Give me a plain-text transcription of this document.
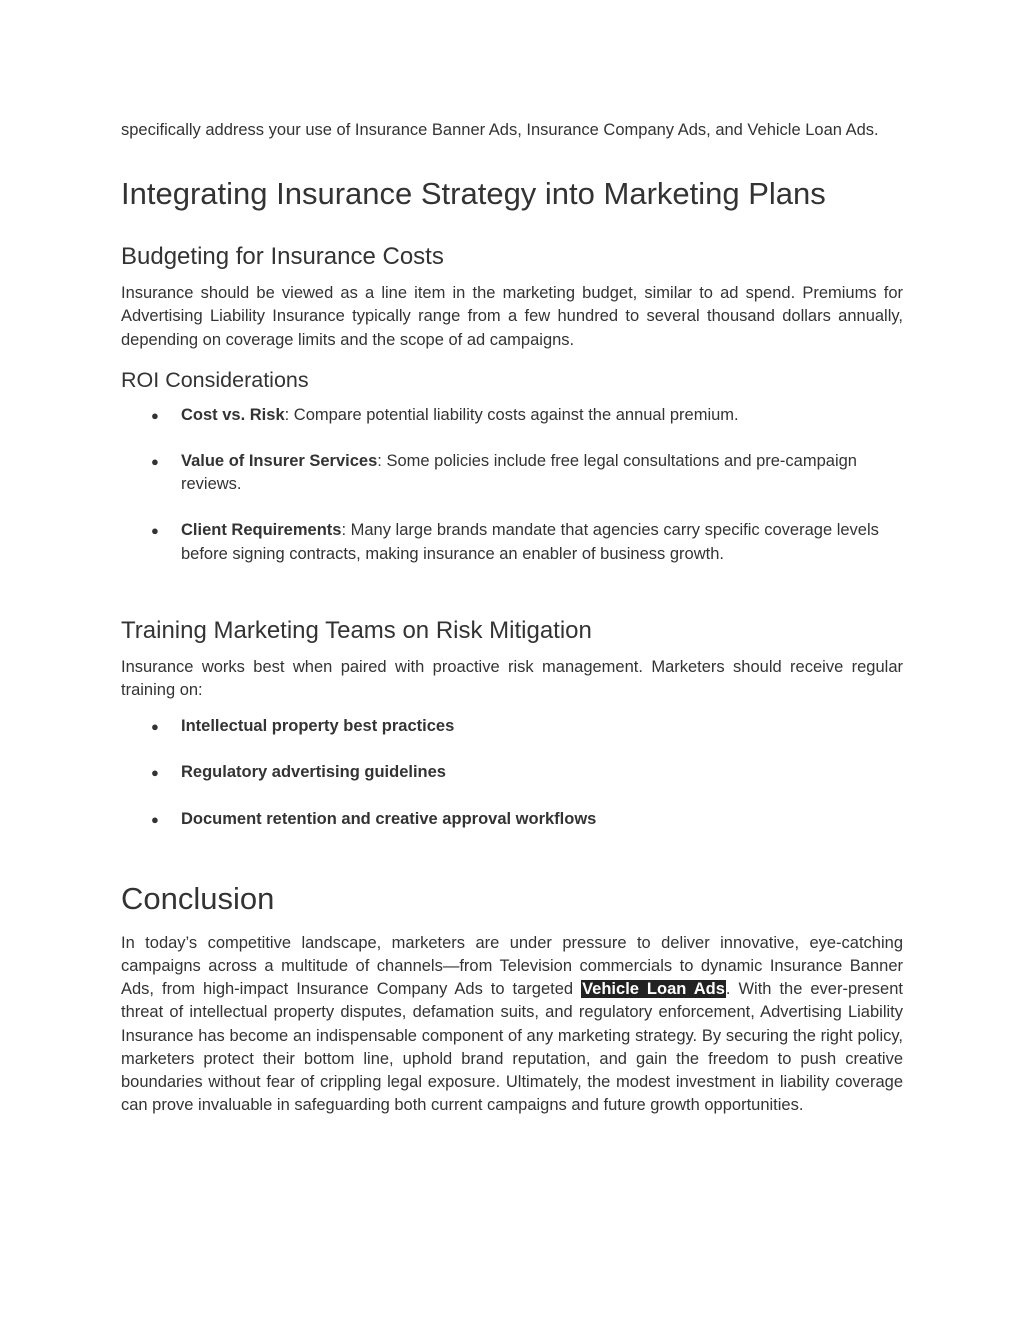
specifically address your use of Insurance Banner Ads, Insurance Company Ads, and Vehicle Loan Ads.

Integrating Insurance Strategy into Marketing Plans
Budgeting for Insurance Costs

Insurance should be viewed as a line item in the marketing budget, similar to ad spend. Premiums for Advertising Liability Insurance typically range from a few hundred to several thousand dollars annually, depending on coverage limits and the scope of ad campaigns.

ROI Considerations
● Cost vs. Risk: Compare potential liability costs against the annual premium.
● Value of Insurer Services: Some policies include free legal consultations and pre‑campaign reviews.
● Client Requirements: Many large brands mandate that agencies carry specific coverage levels before signing contracts, making insurance an enabler of business growth.
Training Marketing Teams on Risk Mitigation

Insurance works best when paired with proactive risk management. Marketers should receive regular training on:

● Intellectual property best practices
● Regulatory advertising guidelines
● Document retention and creative approval workflows
Conclusion

In today’s competitive landscape, marketers are under pressure to deliver innovative, eye‑catching campaigns across a multitude of channels—from Television commercials to dynamic Insurance Banner Ads, from high‑impact Insurance Company Ads to targeted Vehicle Loan Ads. With the ever‑present threat of intellectual property disputes, defamation suits, and regulatory enforcement, Advertising Liability Insurance has become an indispensable component of any marketing strategy. By securing the right policy, marketers protect their bottom line, uphold brand reputation, and gain the freedom to push creative boundaries without fear of crippling legal exposure. Ultimately, the modest investment in liability coverage can prove invaluable in safeguarding both current campaigns and future growth opportunities.
